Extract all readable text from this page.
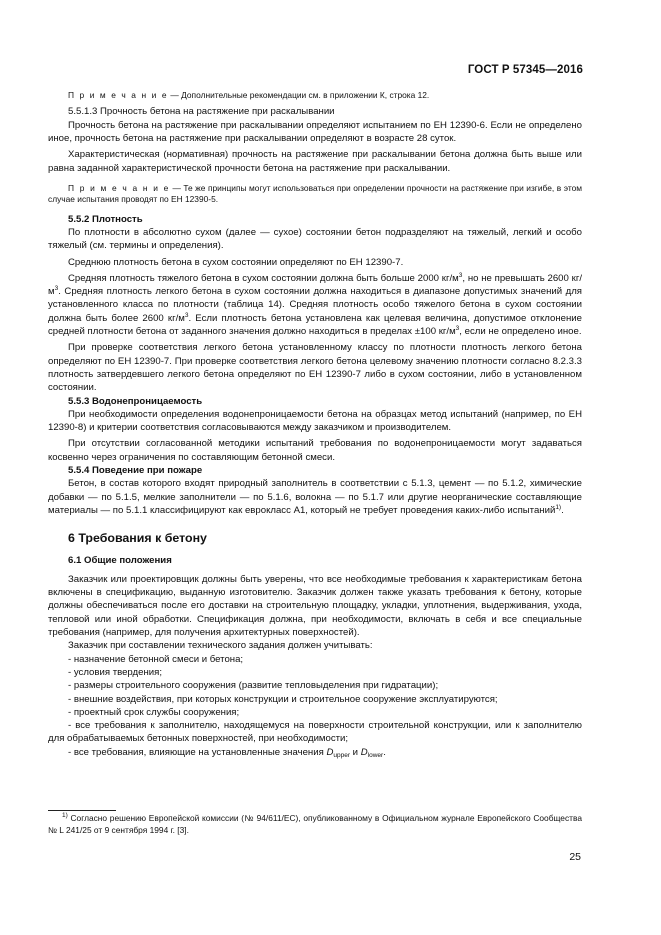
ГОСТ Р 57345—2016

П р и м е ч а н и е — Дополнительные рекомендации см. в приложении К, строка 12.

5.5.1.3 Прочность бетона на растяжение при раскалывании

Прочность бетона на растяжение при раскалывании определяют испытанием по ЕН 12390-6. Если не определено иное, прочность бетона на растяжение при раскалывании определяют в возрасте 28 суток.

Характеристическая (нормативная) прочность на растяжение при раскалывании бетона должна быть выше или равна заданной характеристической прочности бетона на растяжение при раскалывании.

П р и м е ч а н и е — Те же принципы могут использоваться при определении прочности на растяжение при изгибе, в этом случае испытания проводят по ЕН 12390-5.

5.5.2 Плотность

По плотности в абсолютно сухом (далее — сухое) состоянии бетон подразделяют на тяжелый, легкий и особо тяжелый (см. термины и определения).

Среднюю плотность бетона в сухом состоянии определяют по ЕН 12390-7.

Средняя плотность тяжелого бетона в сухом состоянии должна быть больше 2000 $кг/м^3$, но не превышать 2600 $кг/м^3$. Средняя плотность легкого бетона в сухом состоянии должна находиться в диапазоне допустимых значений для установленного класса по плотности (таблица 14). Средняя плотность особо тяжелого бетона в сухом состоянии должна быть более 2600 $кг/м^3$. Если плотность бетона установлена как целевая величина, допустимое отклонение средней плотности бетона от заданного значения должно находиться в пределах ±100 $кг/м^3$, если не определено иное.

При проверке соответствия легкого бетона установленному классу по плотности плотность легкого бетона определяют по ЕН 12390-7. При проверке соответствия легкого бетона целевому значению плотности согласно 8.2.3.3 плотность затвердевшего легкого бетона определяют по ЕН 12390-7 либо в сухом состоянии, либо в установленном состоянии.

5.5.3 Водонепроницаемость

При необходимости определения водонепроницаемости бетона на образцах метод испытаний (например, по ЕН 12390-8) и критерии соответствия согласовываются между заказчиком и производителем.

При отсутствии согласованной методики испытаний требования по водонепроницаемости могут задаваться косвенно через ограничения по составляющим бетонной смеси.

5.5.4 Поведение при пожаре

Бетон, в состав которого входят природный заполнитель в соответствии с 5.1.3, цемент — по 5.1.2, химические добавки — по 5.1.5, мелкие заполнители — по 5.1.6, волокна — по 5.1.7 или другие неорганические составляющие материалы — по 5.1.1 классифицируют как еврокласс А1, который не требует проведения каких-либо испытаний$^{1)}$.

6 Требования к бетону
6.1 Общие положения

Заказчик или проектировщик должны быть уверены, что все необходимые требования к характеристикам бетона включены в спецификацию, выданную изготовителю. Заказчик должен также указать требования к бетону, которые должны обеспечиваться после его доставки на строительную площадку, укладки, уплотнения, выдерживания, ухода, тепловой или иной обработки. Спецификация должна, при необходимости, включать в себя и все специальные требования (например, для получения архитектурных поверхностей).

Заказчик при составлении технического задания должен учитывать:

- назначение бетонной смеси и бетона;

- условия твердения;

- размеры строительного сооружения (развитие тепловыделения при гидратации);

- внешние воздействия, при которых конструкции и строительное сооружение эксплуатируются;

- проектный срок службы сооружения;

- все требования к заполнителю, находящемуся на поверхности строительной конструкции, или к заполнителю для обрабатываемых бетонных поверхностей, при необходимости;

- все требования, влияющие на установленные значения $D_{upper}$ и $D_{lower}$.

$^{1)}$ Согласно решению Европейской комиссии (№ 94/611/EC), опубликованному в Официальном журнале Европейского Сообщества № L 241/25 от 9 сентября 1994 г. [3].

25
